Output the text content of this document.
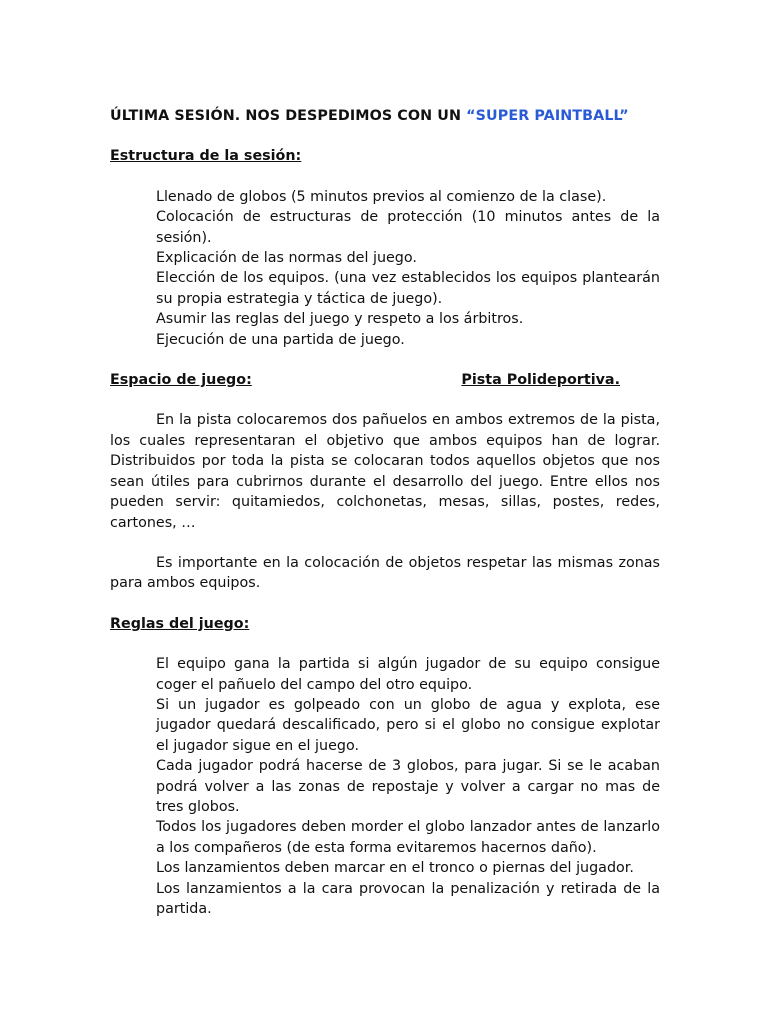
ÚLTIMA SESIÓN. NOS DESPEDIMOS CON UN “SUPER PAINTBALL”

Estructura de la sesión:

Llenado de globos (5 minutos previos al comienzo de la clase).

Colocación de estructuras de protección (10 minutos antes de la sesión).

Explicación de las normas del juego.

Elección de los equipos. (una vez establecidos los equipos plantearán su propia estrategia y táctica de juego).

Asumir las reglas del juego y respeto a los árbitros.

Ejecución de una partida de juego.

Espacio de juego:	Pista Polideportiva.

En la pista colocaremos dos pañuelos en ambos extremos de la pista, los cuales representaran el objetivo que ambos equipos han de lograr. Distribuidos por toda la pista se colocaran todos aquellos objetos que nos sean útiles para cubrirnos durante el desarrollo del juego. Entre ellos nos pueden servir: quitamiedos, colchonetas, mesas, sillas, postes, redes, cartones, …

Es importante en la colocación de objetos respetar las mismas zonas para ambos equipos.

Reglas del juego:

El equipo gana la partida si algún jugador de su equipo consigue coger el pañuelo del campo del otro equipo.

Si un jugador es golpeado con un globo de agua y explota, ese jugador quedará descalificado, pero si el globo no consigue explotar el jugador sigue en el juego.

Cada jugador podrá hacerse de 3 globos, para jugar. Si se le acaban podrá volver a las zonas de repostaje y volver a cargar no mas de tres globos.

Todos los jugadores deben morder el globo lanzador antes de lanzarlo a los compañeros (de esta forma evitaremos hacernos daño).

Los lanzamientos deben marcar en el tronco o piernas del jugador.

Los lanzamientos a la cara provocan la penalización y retirada de la partida.
